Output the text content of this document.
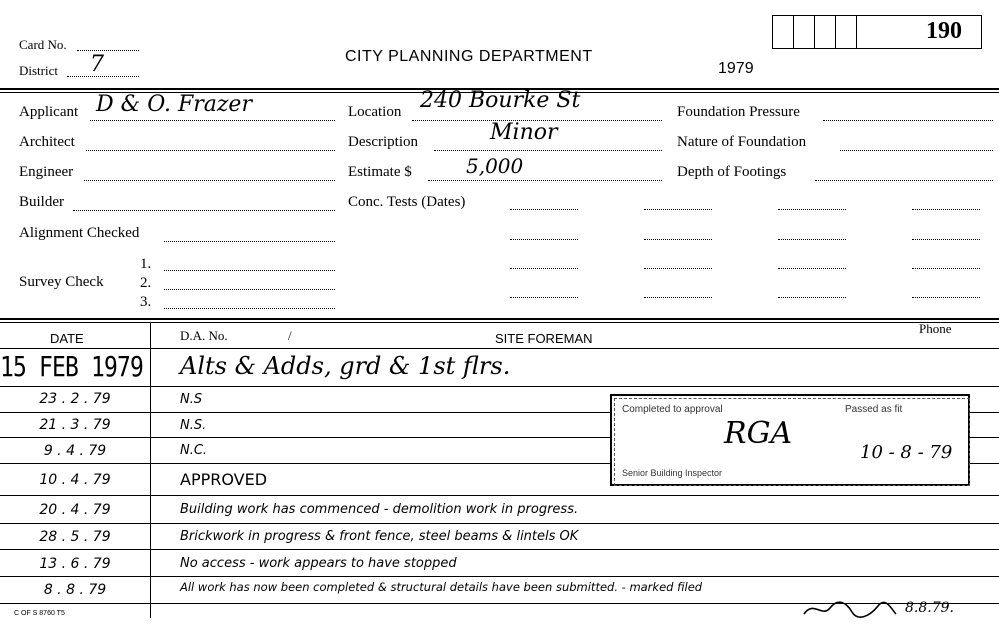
Card No.
District 7	CITY PLANNING DEPARTMENT
1979
190
Applicant D & O. Frazer
Architect
Engineer
Builder
Alignment Checked
Survey Check
1.
2.
3.
Location 240 Bourke St
Description	Minor
Estimate $	5,000
Conc. Tests (Dates)
Foundation Pressure
Nature of Foundation
Depth of Footings
DATE	D.A. No.	/	SITE FOREMAN
Phone
15 FEB 1979 Alts & Adds, grd & 1st flrs.
23 . 2 . 79	N.S
21 . 3 . 79	N.S.
9 . 4 . 79	N.C.
10 . 4 . 79	APPROVED
20 . 4 . 79	Building work has commenced - demolition work in progress.
28 . 5 . 79	Brickwork in progress & front fence, steel beams & lintels OK
13 . 6 . 79	No access - work appears to have stopped
8 . 8 . 79	All work has now been completed & structural details have been submitted. - marked filed
Completed to approval	Passed as fit
RGA
10 - 8 - 79
Senior Building Inspector
8.8.79.
C OF S 8760 T5
